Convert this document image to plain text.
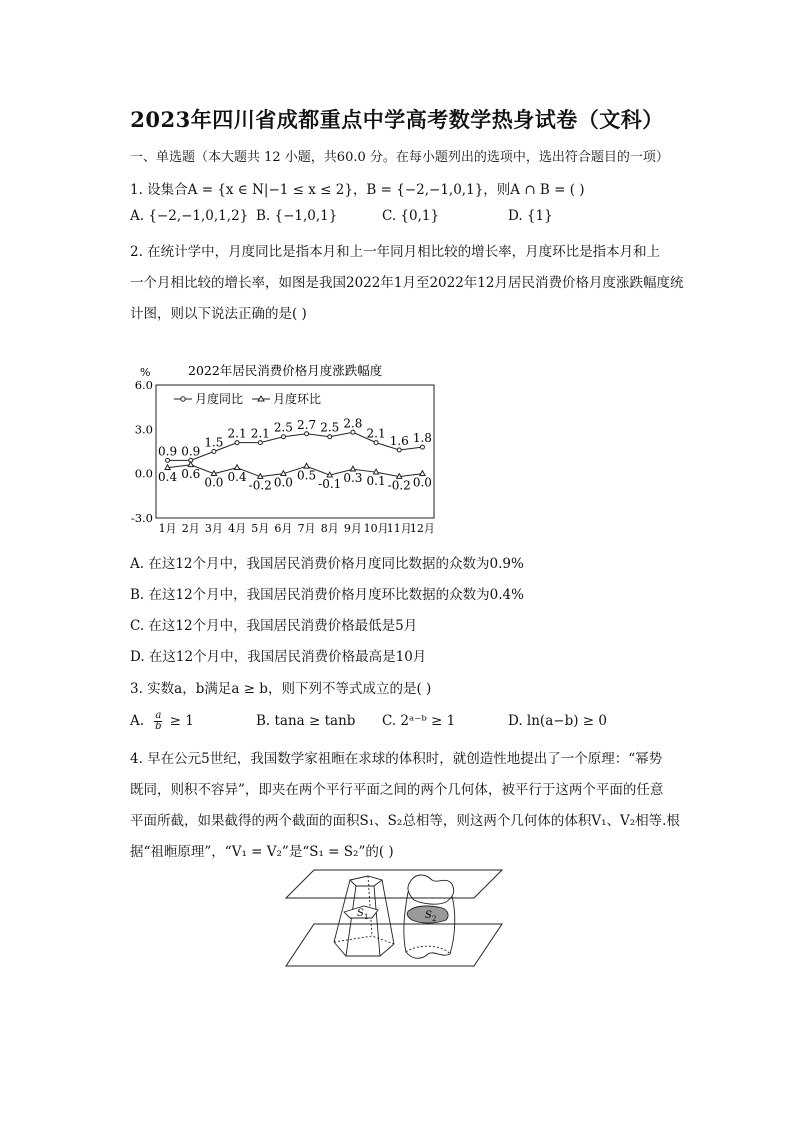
2023年四川省成都重点中学高考数学热身试卷（文科）
一、单选题（本大题共 12 小题，共60.0 分。在每小题列出的选项中，选出符合题目的一项）
1. 设集合A = {x ∈ N|−1 ≤ x ≤ 2}，B = {−2,−1,0,1}，则A ∩ B = ( )
A. {−2,−1,0,1,2} B. {−1,0,1}	C. {0,1}	D. {1}
2. 在统计学中，月度同比是指本月和上一年同月相比较的增长率，月度环比是指本月和上
一个月相比较的增长率，如图是我国2022年1月至2022年12月居民消费价格月度涨跌幅度统
计图，则以下说法正确的是( )
2022年居民消费价格月度涨跌幅度
%
6.0
3.0
0.0
-3.0
1月 2月 3月 4月 5月 6月 7月 8月 9月 10月
11月
12月
月度同比 月度环比
0.9 0.9
1.5
2.1 2.1 2.5 2.7 2.5 2.8
2.1
1.6 1.8
0.4 0.6
0.0 0.4
-0.2 0.0
0.5
-0.1 0.3 0.1 -0.2 0.0
A. 在这12个月中，我国居民消费价格月度同比数据的众数为0.9%
B. 在这12个月中，我国居民消费价格月度环比数据的众数为0.4%
C. 在这12个月中，我国居民消费价格最低是5月
D. 在这12个月中，我国居民消费价格最高是10月
3. 实数a，b满足a ≥ b，则下列不等式成立的是( )
A. $\frac{a}{b} \ge 1$	B. tana ≥ tanb C. 2ᵃ⁻ᵇ ≥ 1	D. ln(a−b) ≥ 0
4. 早在公元5世纪，我国数学家祖暅在求球的体积时，就创造性地提出了一个原理：“幂势
既同，则积不容异”，即夹在两个平行平面之间的两个几何体，被平行于这两个平面的任意
平面所截，如果截得的两个截面的面积S₁、S₂总相等，则这两个几何体的体积V₁、V₂相等.根
据“祖暅原理”，“V₁ = V₂”是“S₁ = S₂”的( )
S 1	S 2
